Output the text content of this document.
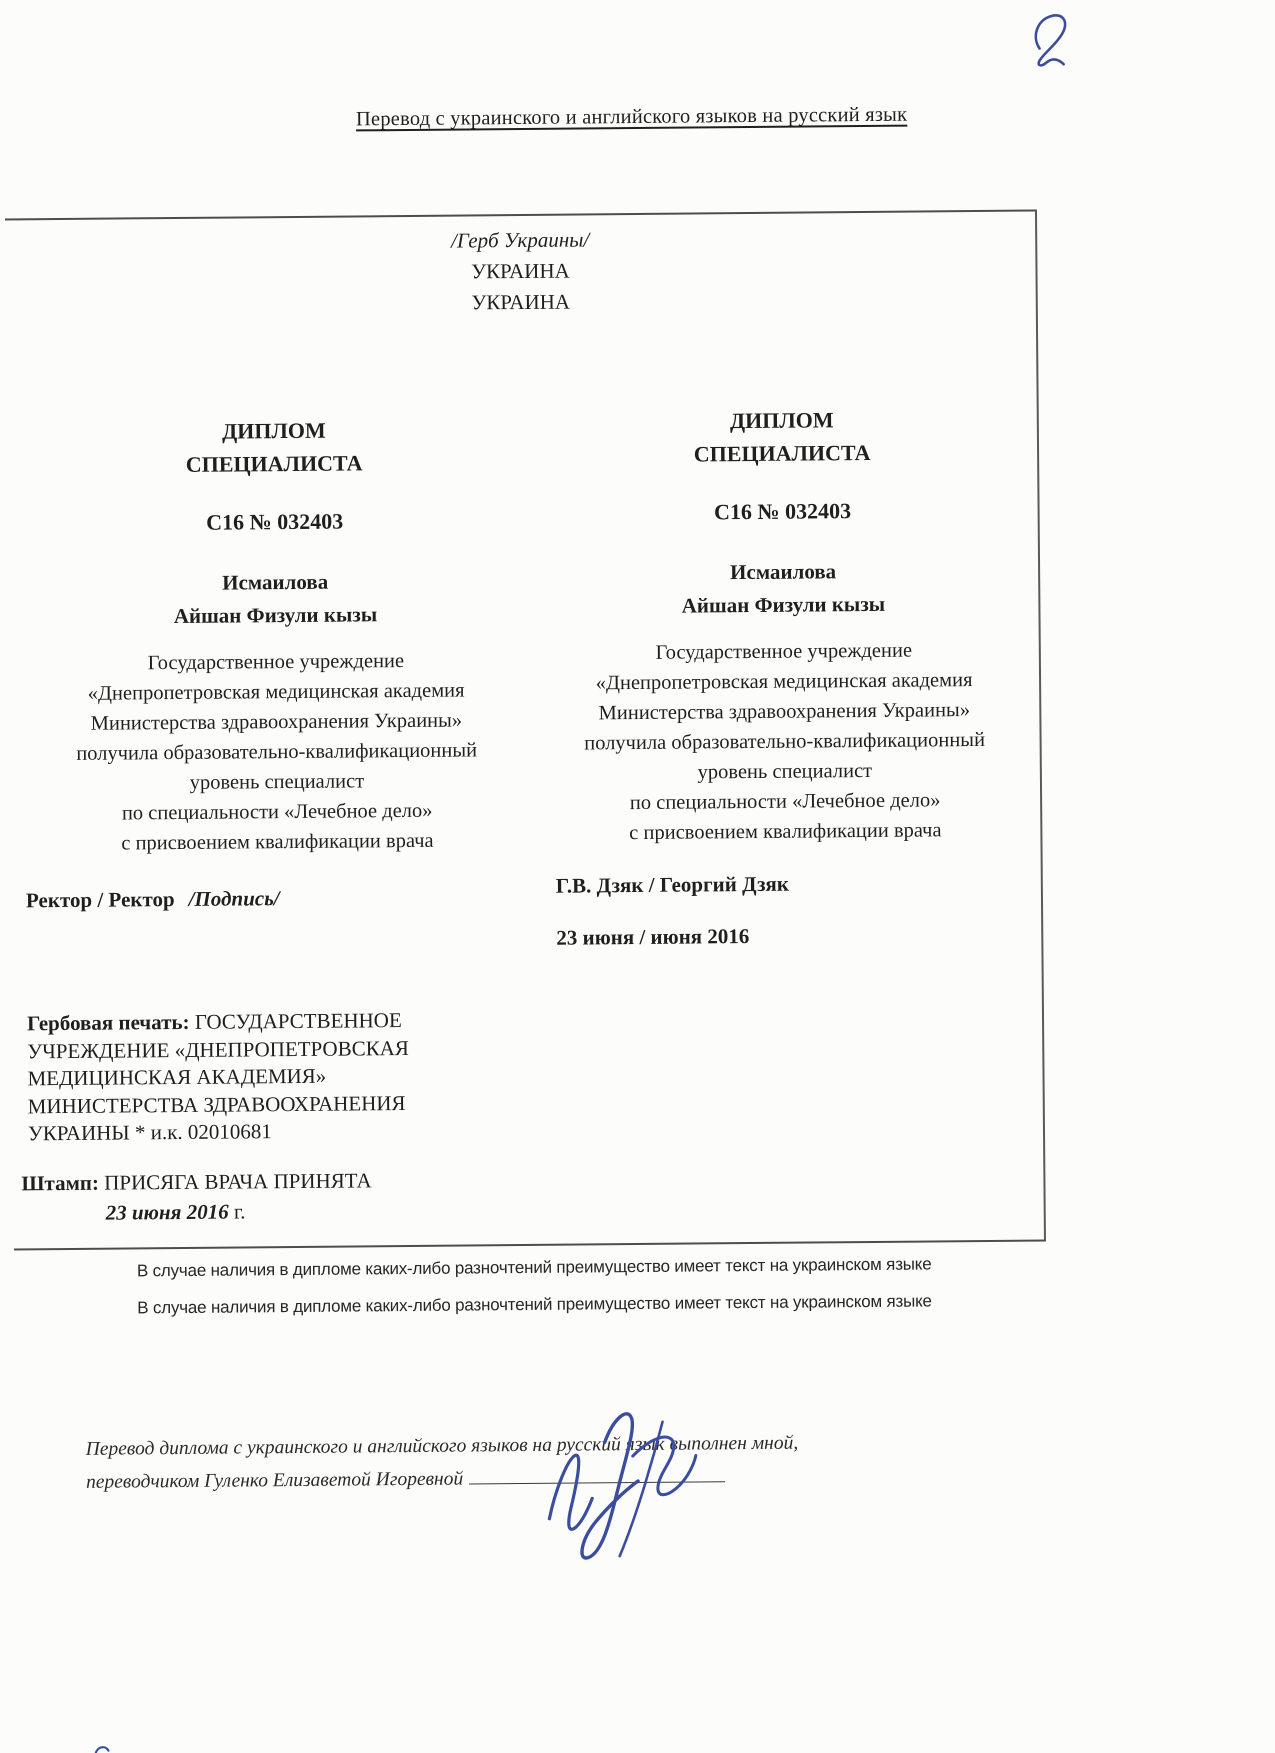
Перевод с украинского и английского языков на русский язык
/Герб Украины/
УКРАИНА
УКРАИНА
ДИПЛОМ
СПЕЦИАЛИСТА
С16 № 032403
Исмаилова
Айшан Физули кызы
Государственное учреждение
«Днепропетровская медицинская академия
Министерства здравоохранения Украины»
получила образовательно-квалификационный
уровень специалист
по специальности «Лечебное дело»
с присвоением квалификации врача
ДИПЛОМ
СПЕЦИАЛИСТА
С16 № 032403
Исмаилова
Айшан Физули кызы
Государственное учреждение
«Днепропетровская медицинская академия
Министерства здравоохранения Украины»
получила образовательно-квалификационный
уровень специалист
по специальности «Лечебное дело»
с присвоением квалификации врача
Ректор / Ректор /Подпись/
Г.В. Дзяк / Георгий Дзяк
23 июня / июня 2016
Гербовая печать: ГОСУДАРСТВЕННОЕ УЧРЕЖДЕНИЕ «ДНЕПРОПЕТРОВСКАЯ МЕДИЦИНСКАЯ АКАДЕМИЯ» МИНИСТЕРСТВА ЗДРАВООХРАНЕНИЯ УКРАИНЫ * и.к. 02010681
Штамп: ПРИСЯГА ВРАЧА ПРИНЯТА
23 июня 2016 г.
В случае наличия в дипломе каких-либо разночтений преимущество имеет текст на украинском языке
В случае наличия в дипломе каких-либо разночтений преимущество имеет текст на украинском языке
Перевод диплома с украинского и английского языков на русский язык выполнен мной,
переводчиком Гуленко Елизаветой Игоревной
